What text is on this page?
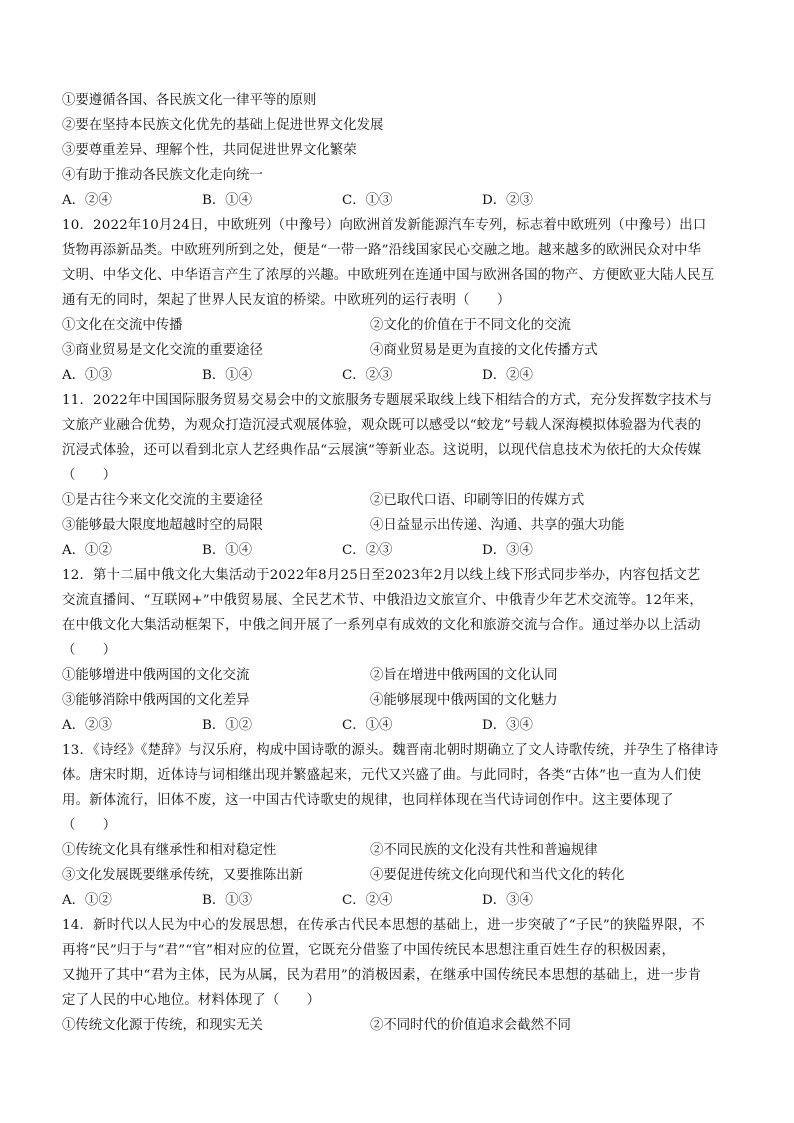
①要遵循各国、各民族文化一律平等的原则
②要在坚持本民族文化优先的基础上促进世界文化发展
③要尊重差异、理解个性，共同促进世界文化繁荣
④有助于推动各民族文化走向统一
A．②④	B．①④	C．①③	D．②③
10．2022年10月24日，中欧班列（中豫号）向欧洲首发新能源汽车专列，标志着中欧班列（中豫号）出口
货物再添新品类。中欧班列所到之处，便是“一带一路”沿线国家民心交融之地。越来越多的欧洲民众对中华
文明、中华文化、中华语言产生了浓厚的兴趣。中欧班列在连通中国与欧洲各国的物产、方便欧亚大陆人民互
通有无的同时，架起了世界人民友谊的桥梁。中欧班列的运行表明（　　）
①文化在交流中传播	②文化的价值在于不同文化的交流
③商业贸易是文化交流的重要途径	④商业贸易是更为直接的文化传播方式
A．①③	B．①④	C．②③	D．②④
11．2022年中国国际服务贸易交易会中的文旅服务专题展采取线上线下相结合的方式，充分发挥数字技术与
文旅产业融合优势，为观众打造沉浸式观展体验，观众既可以感受以“蛟龙”号载人深海模拟体验器为代表的
沉浸式体验，还可以看到北京人艺经典作品“云展演”等新业态。这说明，以现代信息技术为依托的大众传媒
（　　）
①是古往今来文化交流的主要途径	②已取代口语、印刷等旧的传媒方式
③能够最大限度地超越时空的局限	④日益显示出传递、沟通、共享的强大功能
A．①②	B．①④	C．②③	D．③④
12．第十二届中俄文化大集活动于2022年8月25日至2023年2月以线上线下形式同步举办，内容包括文艺
交流直播间、“互联网+”中俄贸易展、全民艺术节、中俄沿边文旅宣介、中俄青少年艺术交流等。12年来，
在中俄文化大集活动框架下，中俄之间开展了一系列卓有成效的文化和旅游交流与合作。通过举办以上活动
（　　）
①能够增进中俄两国的文化交流	②旨在增进中俄两国的文化认同
③能够消除中俄两国的文化差异	④能够展现中俄两国的文化魅力
A．②③	B．①②	C．①④	D．③④
13．《诗经》《楚辞》与汉乐府，构成中国诗歌的源头。魏晋南北朝时期确立了文人诗歌传统，并孕生了格律诗
体。唐宋时期，近体诗与词相继出现并繁盛起来，元代又兴盛了曲。与此同时，各类“古体”也一直为人们使
用。新体流行，旧体不废，这一中国古代诗歌史的规律，也同样体现在当代诗词创作中。这主要体现了
（　　）
①传统文化具有继承性和相对稳定性	②不同民族的文化没有共性和普遍规律
③文化发展既要继承传统，又要推陈出新	④要促进传统文化向现代和当代文化的转化
A．①②	B．①③	C．②④	D．③④
14．新时代以人民为中心的发展思想，在传承古代民本思想的基础上，进一步突破了“子民”的狭隘界限，不
再将“民”归于与“君”“官”相对应的位置，它既充分借鉴了中国传统民本思想注重百姓生存的积极因素，
又抛开了其中“君为主体，民为从属，民为君用”的消极因素，在继承中国传统民本思想的基础上，进一步肯
定了人民的中心地位。材料体现了（　　）
①传统文化源于传统，和现实无关	②不同时代的价值追求会截然不同
